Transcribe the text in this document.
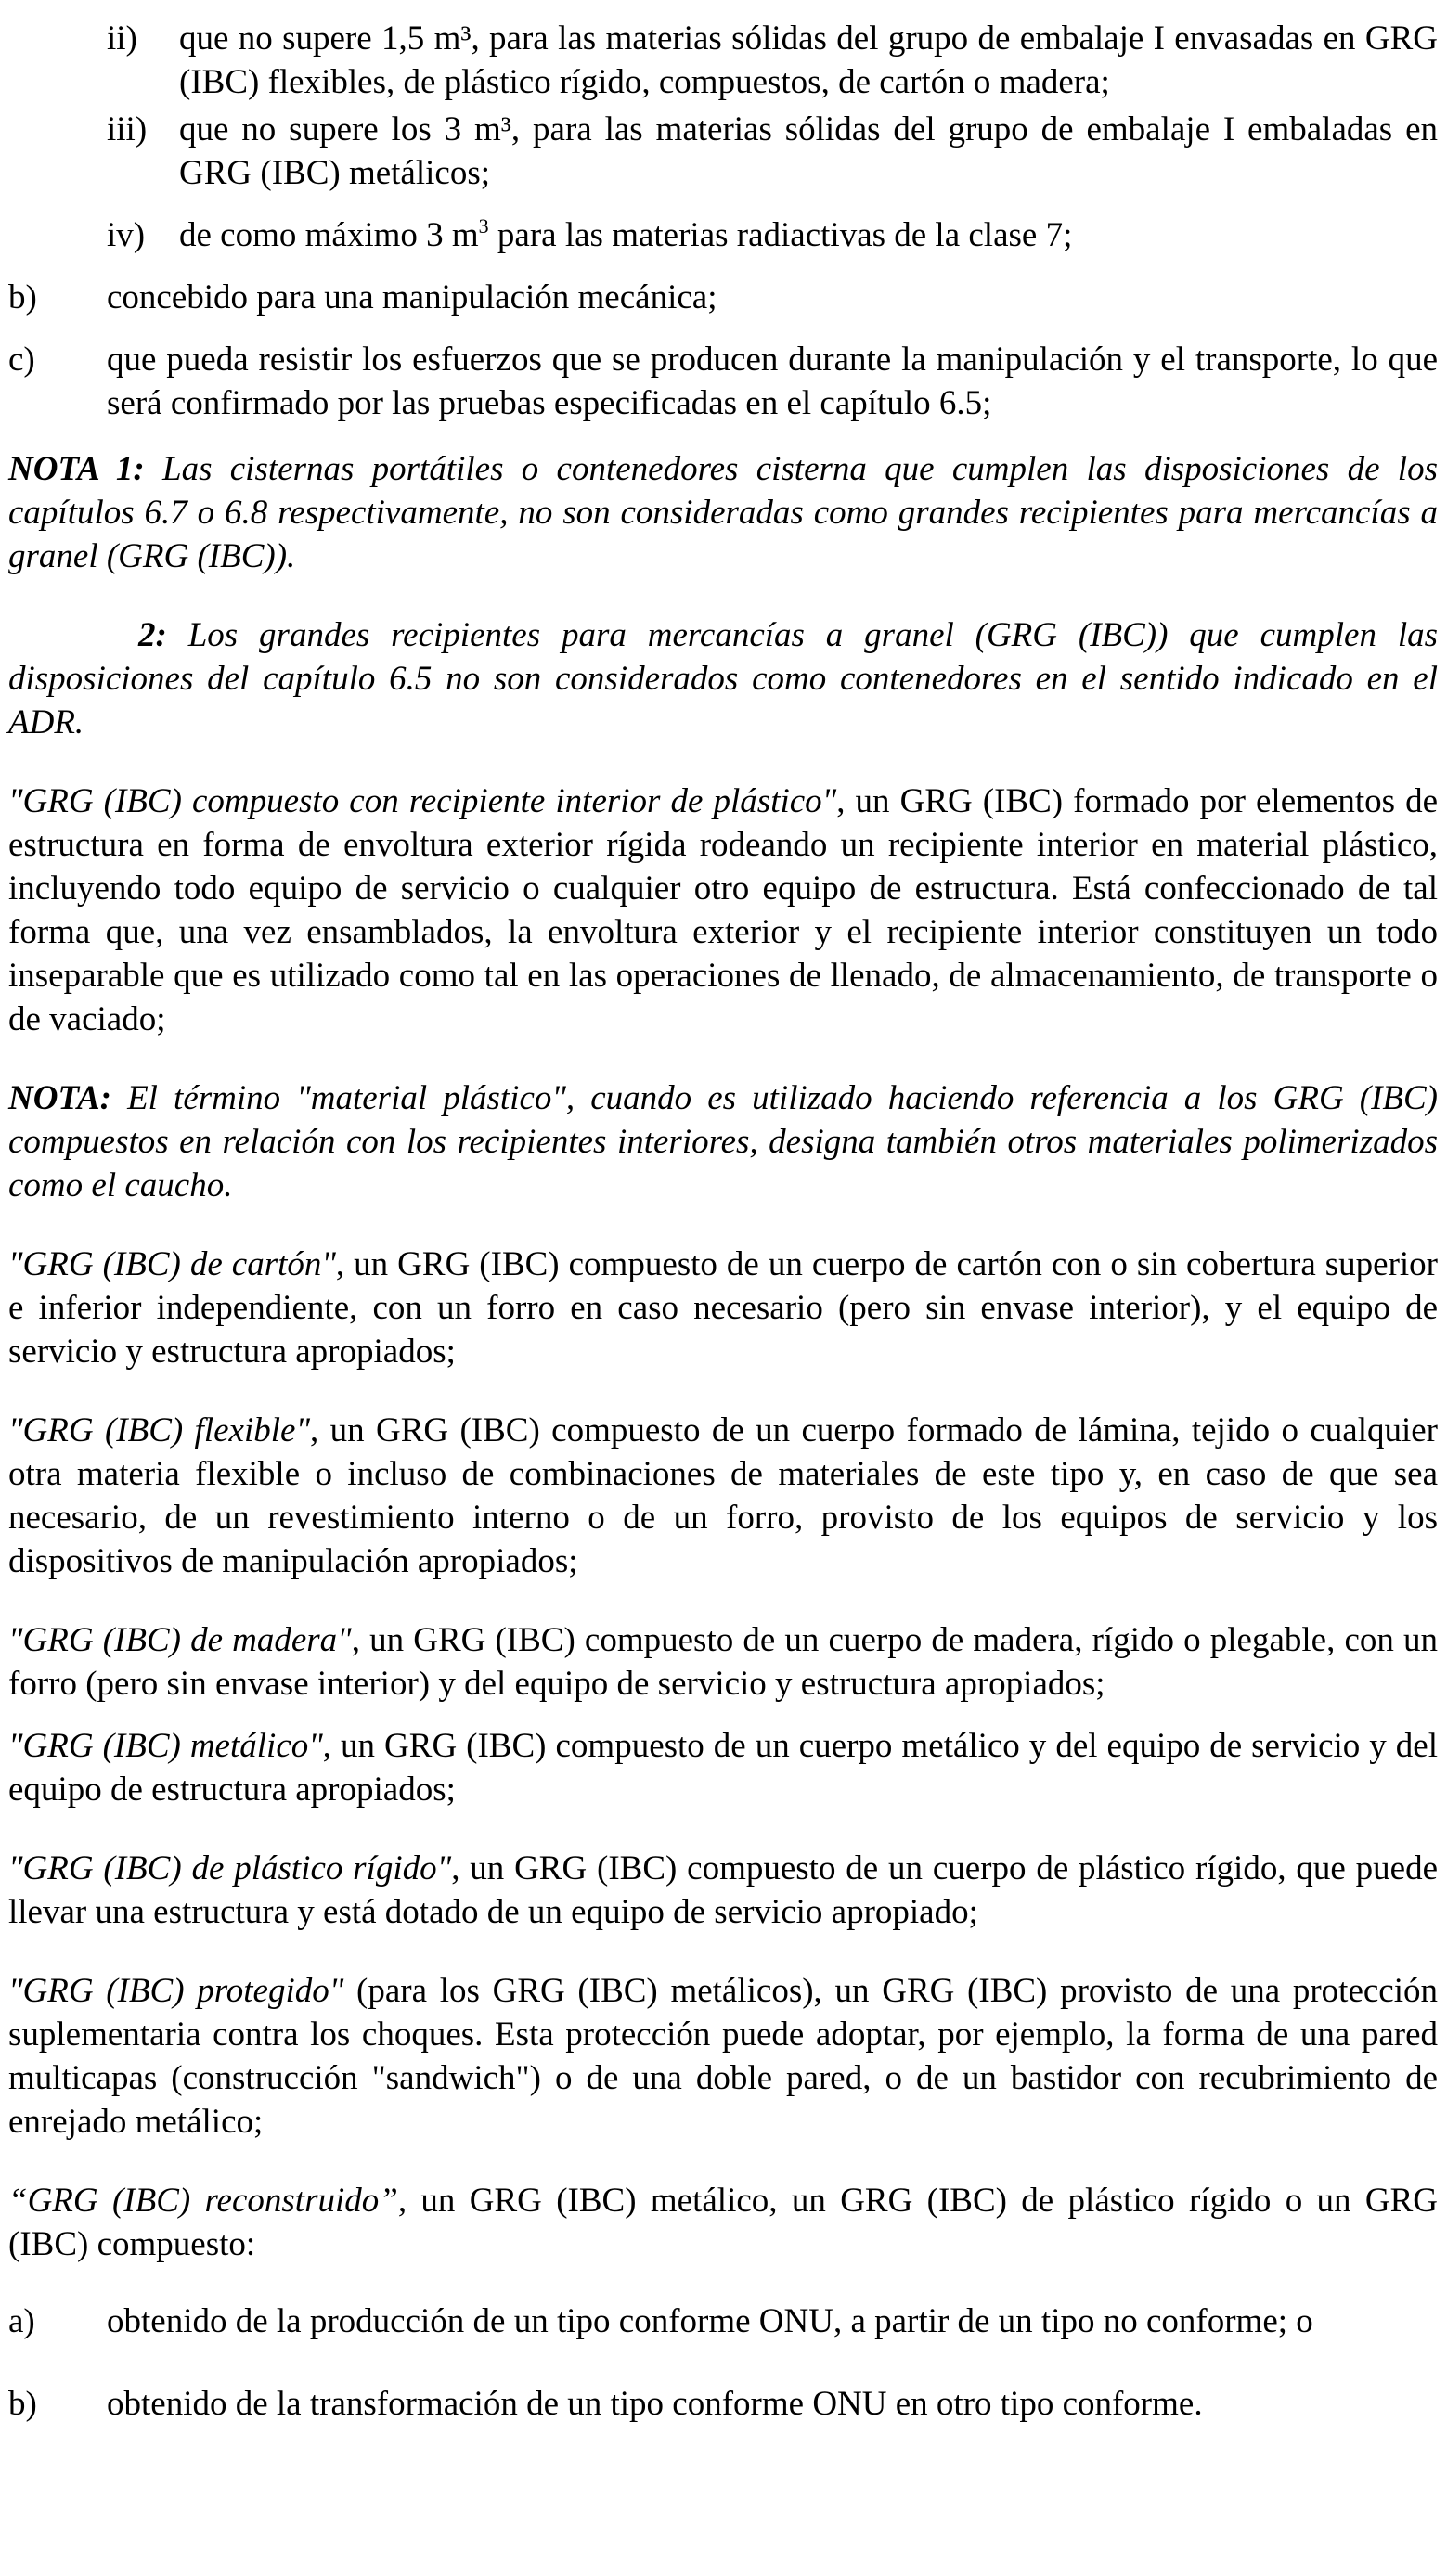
ii)	que no supere 1,5 m³, para las materias sólidas del grupo de embalaje I envasadas en GRG (IBC) flexibles, de plástico rígido, compuestos, de cartón o madera;
iii) que no supere los 3 m³, para las materias sólidas del grupo de embalaje I embaladas en GRG (IBC) metálicos;
iv) de como máximo 3 $m^3$ para las materias radiactivas de la clase 7;
b)	concebido para una manipulación mecánica;
c)	que pueda resistir los esfuerzos que se producen durante la manipulación y el transporte, lo que será confirmado por las pruebas especificadas en el capítulo 6.5;
NOTA 1: Las cisternas portátiles o contenedores cisterna que cumplen las disposiciones de los capítulos 6.7 o 6.8 respectivamente, no son consideradas como grandes recipientes para mercancías a granel (GRG (IBC)).
2: Los grandes recipientes para mercancías a granel (GRG (IBC)) que cumplen las disposiciones del capítulo 6.5 no son considerados como contenedores en el sentido indicado en el ADR.
"GRG (IBC) compuesto con recipiente interior de plástico", un GRG (IBC) formado por elementos de estructura en forma de envoltura exterior rígida rodeando un recipiente interior en material plástico, incluyendo todo equipo de servicio o cualquier otro equipo de estructura. Está confeccionado de tal forma que, una vez ensamblados, la envoltura exterior y el recipiente interior constituyen un todo inseparable que es utilizado como tal en las operaciones de llenado, de almacenamiento, de transporte o de vaciado;
NOTA: El término "material plástico", cuando es utilizado haciendo referencia a los GRG (IBC) compuestos en relación con los recipientes interiores, designa también otros materiales polimerizados como el caucho.
"GRG (IBC) de cartón", un GRG (IBC) compuesto de un cuerpo de cartón con o sin cobertura superior e inferior independiente, con un forro en caso necesario (pero sin envase interior), y el equipo de servicio y estructura apropiados;
"GRG (IBC) flexible", un GRG (IBC) compuesto de un cuerpo formado de lámina, tejido o cualquier otra materia flexible o incluso de combinaciones de materiales de este tipo y, en caso de que sea necesario, de un revestimiento interno o de un forro, provisto de los equipos de servicio y los dispositivos de manipulación apropiados;
"GRG (IBC) de madera", un GRG (IBC) compuesto de un cuerpo de madera, rígido o plegable, con un forro (pero sin envase interior) y del equipo de servicio y estructura apropiados;
"GRG (IBC) metálico", un GRG (IBC) compuesto de un cuerpo metálico y del equipo de servicio y del equipo de estructura apropiados;
"GRG (IBC) de plástico rígido", un GRG (IBC) compuesto de un cuerpo de plástico rígido, que puede llevar una estructura y está dotado de un equipo de servicio apropiado;
"GRG (IBC) protegido" (para los GRG (IBC) metálicos), un GRG (IBC) provisto de una protección suplementaria contra los choques. Esta protección puede adoptar, por ejemplo, la forma de una pared multicapas (construcción "sandwich") o de una doble pared, o de un bastidor con recubrimiento de enrejado metálico;
“GRG (IBC) reconstruido”, un GRG (IBC) metálico, un GRG (IBC) de plástico rígido o un GRG (IBC) compuesto:
a)	obtenido de la producción de un tipo conforme ONU, a partir de un tipo no conforme; o
b)	obtenido de la transformación de un tipo conforme ONU en otro tipo conforme.
